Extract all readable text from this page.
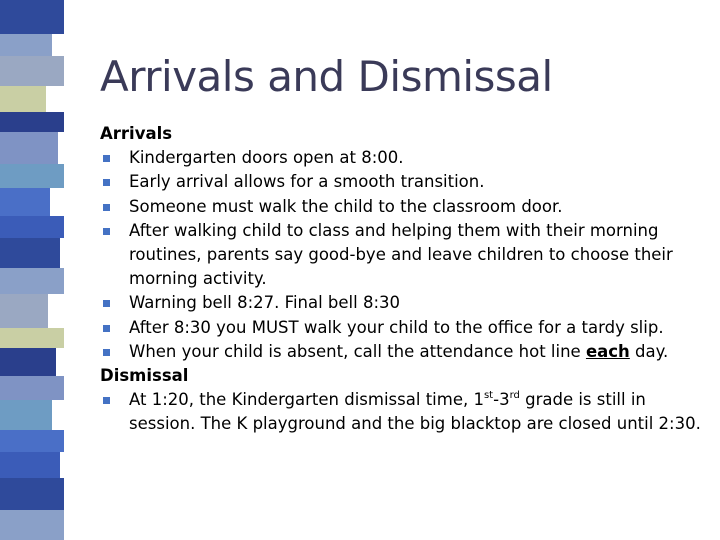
Arrivals and Dismissal
Arrivals
Kindergarten doors open at 8:00.
Early arrival allows for a smooth transition.
Someone must walk the child to the classroom door.
After walking child to class and helping them with their morning routines, parents say good-bye and leave children to choose their morning activity.
Warning bell 8:27. Final bell 8:30
After 8:30 you MUST walk your child to the office for a tardy slip.
When your child is absent, call the attendance hot line each day.
Dismissal
At 1:20, the Kindergarten dismissal time, 1st-3rd grade is still in session. The K playground and the big blacktop are closed until 2:30.
